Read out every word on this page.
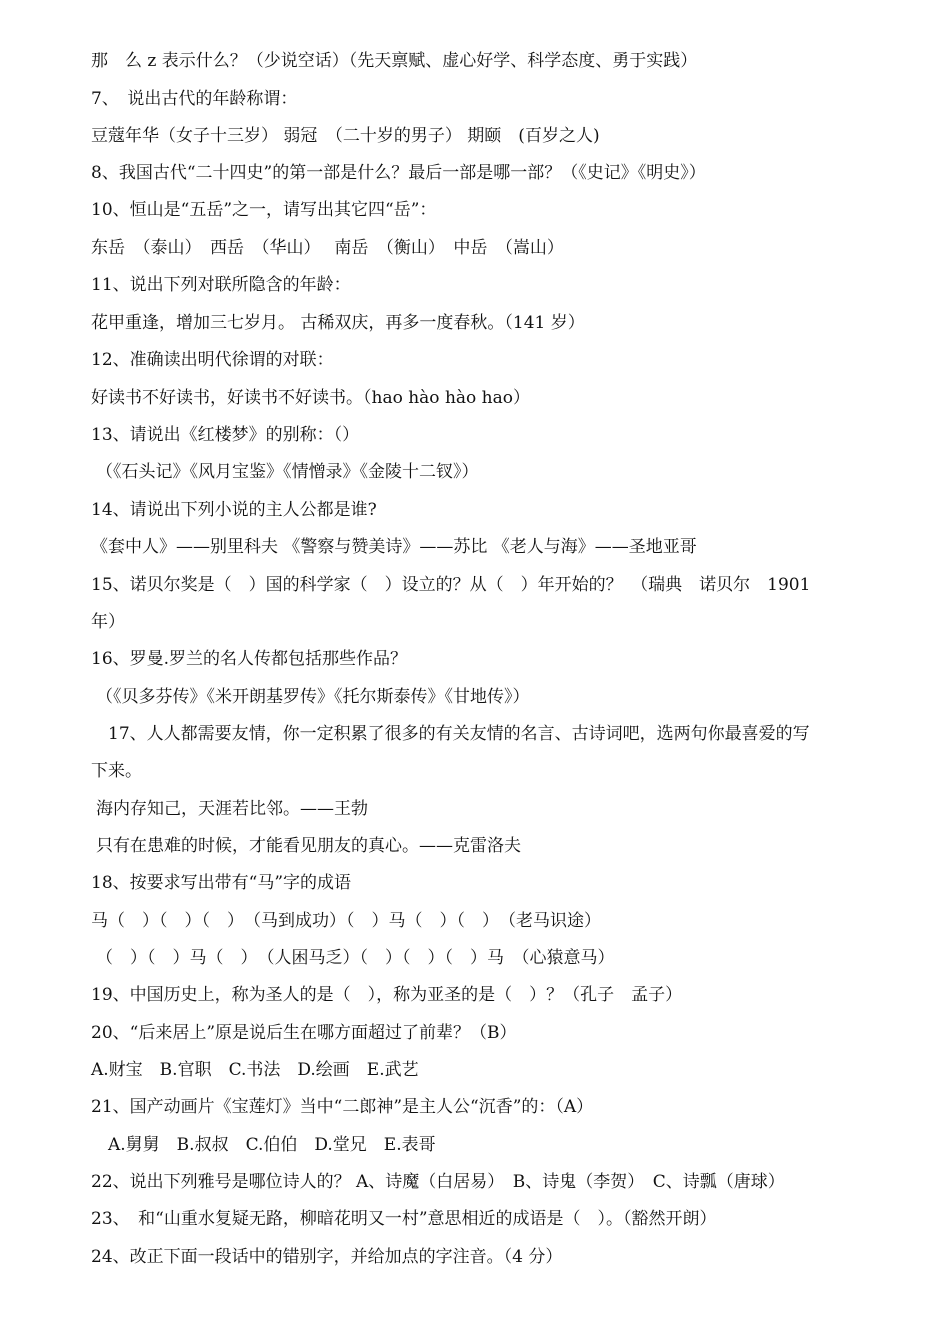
那　么 z 表示什么？（少说空话）（先天禀赋、虚心好学、科学态度、勇于实践）
7、　说出古代的年龄称谓：
豆蔻年华（女子十三岁） 弱冠　（二十岁的男子） 期颐　(百岁之人)
8、我国古代“二十四史”的第一部是什么？最后一部是哪一部？（《史记》《明史》）
10、恒山是“五岳”之一，请写出其它四“岳”：
东岳　（泰山）　西岳　（华山）　 南岳　（衡山）　中岳　（嵩山）
11、说出下列对联所隐含的年龄：
花甲重逢，增加三七岁月。 古稀双庆，再多一度春秋。（141 岁）
12、准确读出明代徐谓的对联：
好读书不好读书，好读书不好读书。（hao hào hào hao）
13、请说出《红楼梦》的别称：（）
（《石头记》《风月宝鉴》《情憎录》《金陵十二钗》）
14、请说出下列小说的主人公都是谁?
《套中人》——别里科夫 《警察与赞美诗》——苏比 《老人与海》——圣地亚哥
15、诺贝尔奖是（　）国的科学家（　）设立的？从（　）年开始的？　（瑞典　诺贝尔　1901
年）
16、罗曼.罗兰的名人传都包括那些作品？
（《贝多芬传》《米开朗基罗传》《托尔斯泰传》《甘地传》）
17、人人都需要友情，你一定积累了很多的有关友情的名言、古诗词吧，选两句你最喜爱的写
下来。
海内存知己，天涯若比邻。——王勃
只有在患难的时候，才能看见朋友的真心。——克雷洛夫
18、按要求写出带有“马”字的成语
马（　）（　）（　）　（马到成功）（　）马（　）（　）　（老马识途）
（　）（　）马（　）　（人困马乏）（　）（　）（　）马　（心猿意马）
19、中国历史上，称为圣人的是（　），称为亚圣的是（　）？（孔子　孟子）
20、“后来居上”原是说后生在哪方面超过了前辈？（B）
A.财宝　B.官职　C.书法　D.绘画　E.武艺
21、国产动画片《宝莲灯》当中“二郎神”是主人公“沉香”的：（A）
A.舅舅　B.叔叔　C.伯伯　D.堂兄　E.表哥
22、说出下列雅号是哪位诗人的？ A、诗魔（白居易）　B、诗鬼（李贺）　C、诗瓢（唐球）
23、　和“山重水复疑无路，柳暗花明又一村”意思相近的成语是（　）。（豁然开朗）
24、改正下面一段话中的错别字，并给加点的字注音。（4 分）
